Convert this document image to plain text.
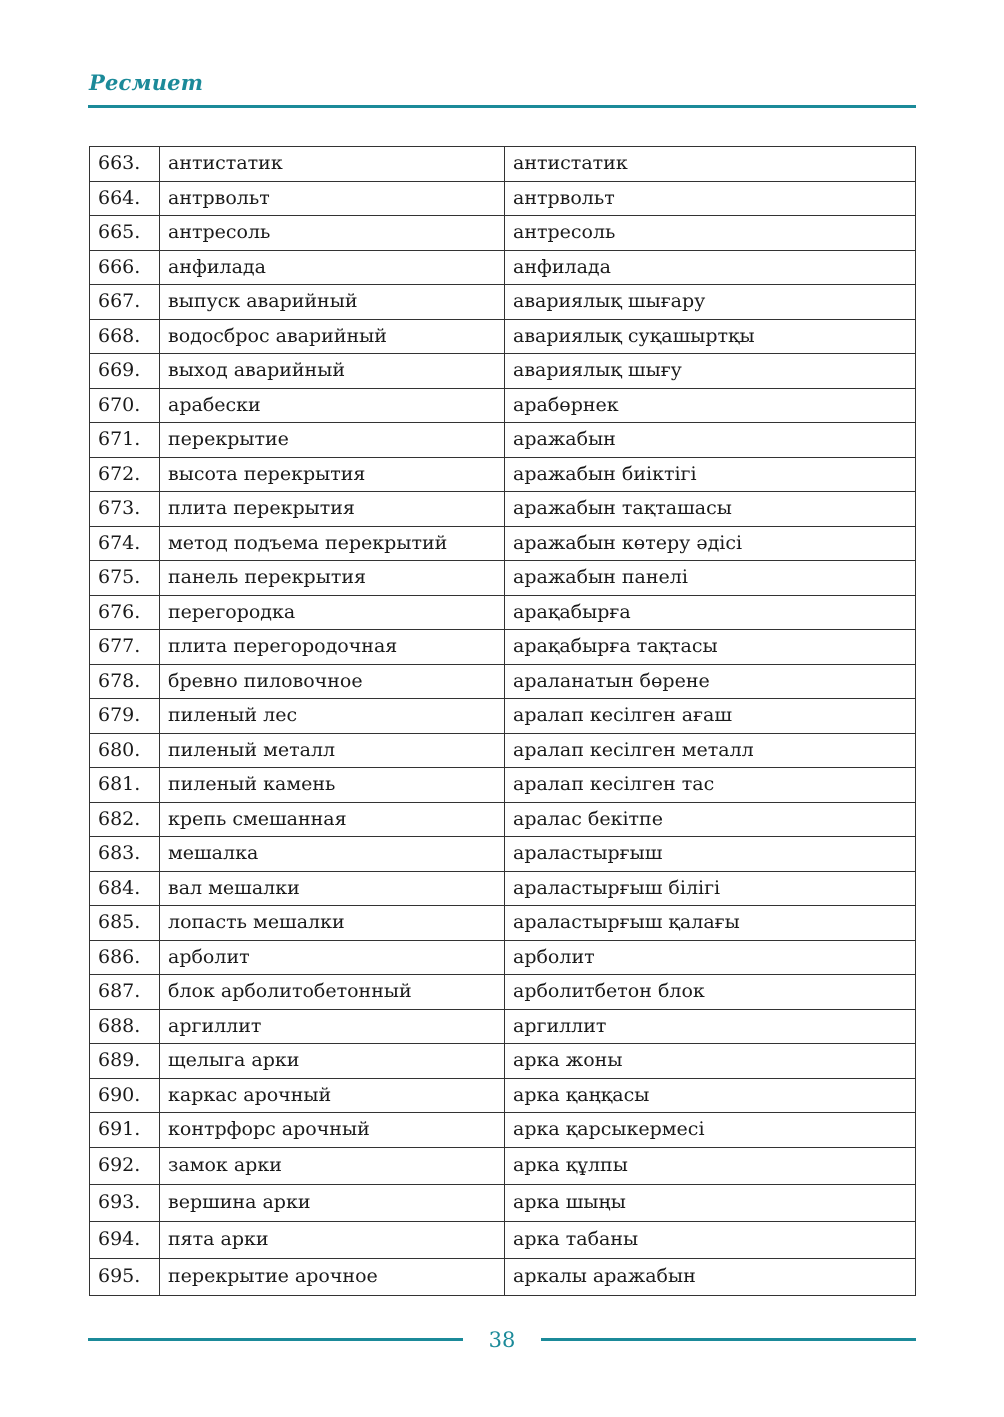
Ресмиет
663.	антистатик	антистатик
664.	антрвольт	антрвольт
665.	антресоль	антресоль
666.	анфилада	анфилада
667.	выпуск аварийный	авариялық шығару
668.	водосброс аварийный	авариялық суқашыртқы
669.	выход аварийный	авариялық шығу
670.	арабески	арабөрнек
671.	перекрытие	аражабын
672.	высота перекрытия	аражабын биіктігі
673.	плита перекрытия	аражабын тақташасы
674.	метод подъема перекрытий	аражабын көтеру әдісі
675.	панель перекрытия	аражабын панелі
676.	перегородка	арақабырға
677.	плита перегородочная	арақабырға тақтасы
678.	бревно пиловочное	араланатын бөрене
679.	пиленый лес	аралап кесілген ағаш
680.	пиленый металл	аралап кесілген металл
681.	пиленый камень	аралап кесілген тас
682.	крепь смешанная	аралас бекітпе
683.	мешалка	араластырғыш
684.	вал мешалки	араластырғыш білігі
685.	лопасть мешалки	араластырғыш қалағы
686.	арболит	арболит
687.	блок арболитобетонный	арболитбетон блок
688.	аргиллит	аргиллит
689.	щелыга арки	арка жоны
690.	каркас арочный	арка қаңқасы
691.	контрфорс арочный	арка қарсыкермесі
692.	замок арки	арка құлпы
693.	вершина арки	арка шыңы
694.	пята арки	арка табаны
695.	перекрытие арочное	аркалы аражабын
38
